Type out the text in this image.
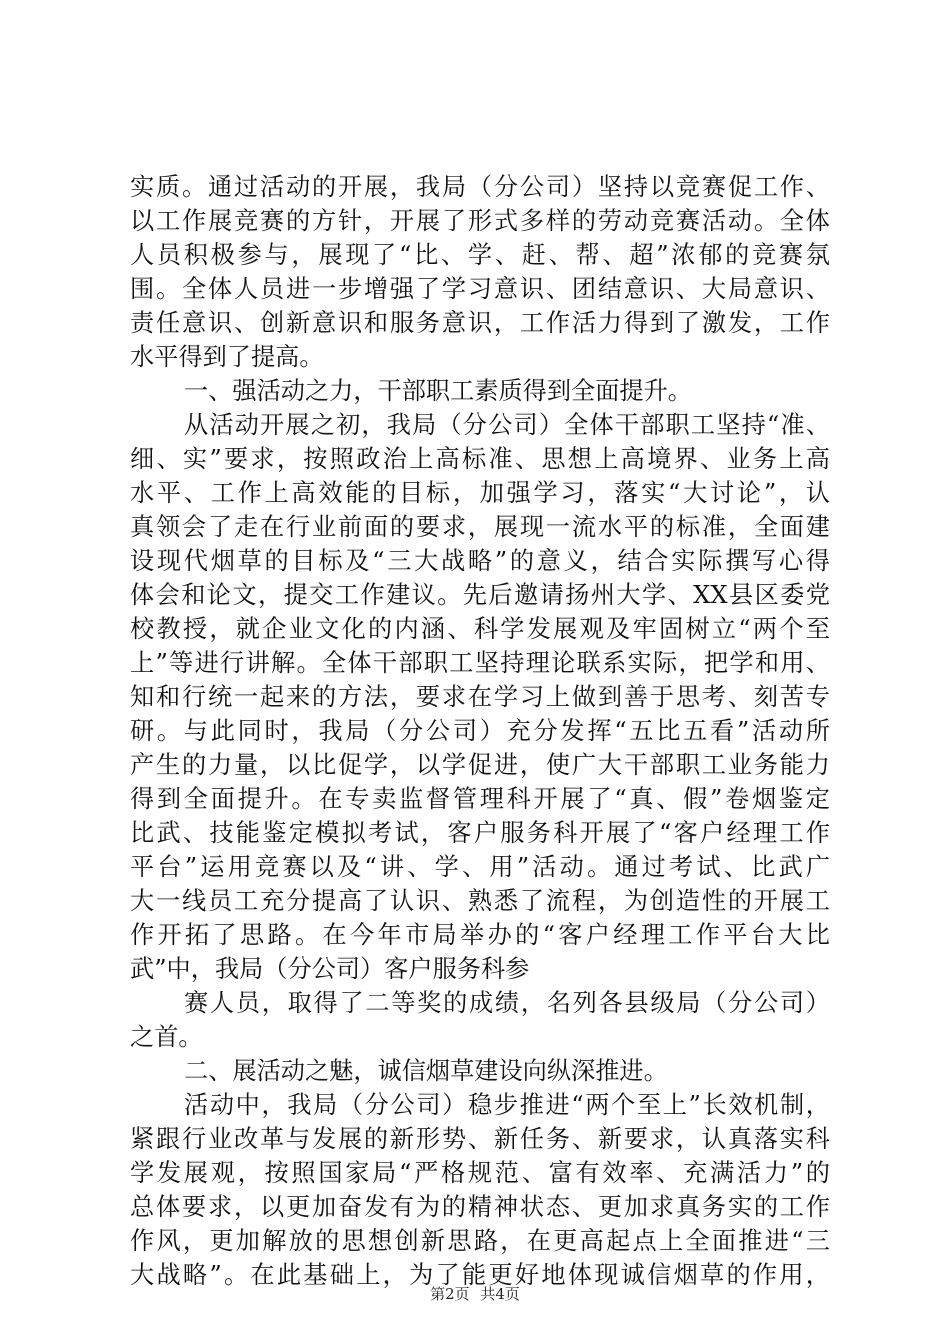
实质。通过活动的开展，我局（分公司）坚持以竞赛促工作、
以工作展竞赛的方针，开展了形式多样的劳动竞赛活动。全体
人员积极参与，展现了“比、学、赶、帮、超”浓郁的竞赛氛
围。全体人员进一步增强了学习意识、团结意识、大局意识、
责任意识、创新意识和服务意识，工作活力得到了激发，工作
水平得到了提高。
一、强活动之力，干部职工素质得到全面提升。
从活动开展之初，我局（分公司）全体干部职工坚持“准、
细、实”要求，按照政治上高标准、思想上高境界、业务上高
水平、工作上高效能的目标，加强学习，落实“大讨论”，认
真领会了走在行业前面的要求，展现一流水平的标准，全面建
设现代烟草的目标及“三大战略”的意义，结合实际撰写心得
体会和论文，提交工作建议。先后邀请扬州大学、XX县区委党
校教授，就企业文化的内涵、科学发展观及牢固树立“两个至
上”等进行讲解。全体干部职工坚持理论联系实际，把学和用、
知和行统一起来的方法，要求在学习上做到善于思考、刻苦专
研。与此同时，我局（分公司）充分发挥“五比五看”活动所
产生的力量，以比促学，以学促进，使广大干部职工业务能力
得到全面提升。在专卖监督管理科开展了“真、假”卷烟鉴定
比武、技能鉴定模拟考试，客户服务科开展了“客户经理工作
平台”运用竞赛以及“讲、学、用”活动。通过考试、比武广
大一线员工充分提高了认识、熟悉了流程，为创造性的开展工
作开拓了思路。在今年市局举办的“客户经理工作平台大比
武”中，我局（分公司）客户服务科参
赛人员，取得了二等奖的成绩，名列各县级局（分公司）
之首。
二、展活动之魅，诚信烟草建设向纵深推进。
活动中，我局（分公司）稳步推进“两个至上”长效机制，
紧跟行业改革与发展的新形势、新任务、新要求，认真落实科
学发展观，按照国家局“严格规范、富有效率、充满活力”的
总体要求，以更加奋发有为的精神状态、更加求真务实的工作
作风，更加解放的思想创新思路，在更高起点上全面推进“三
大战略”。在此基础上，为了能更好地体现诚信烟草的作用，
第2页 共4页
